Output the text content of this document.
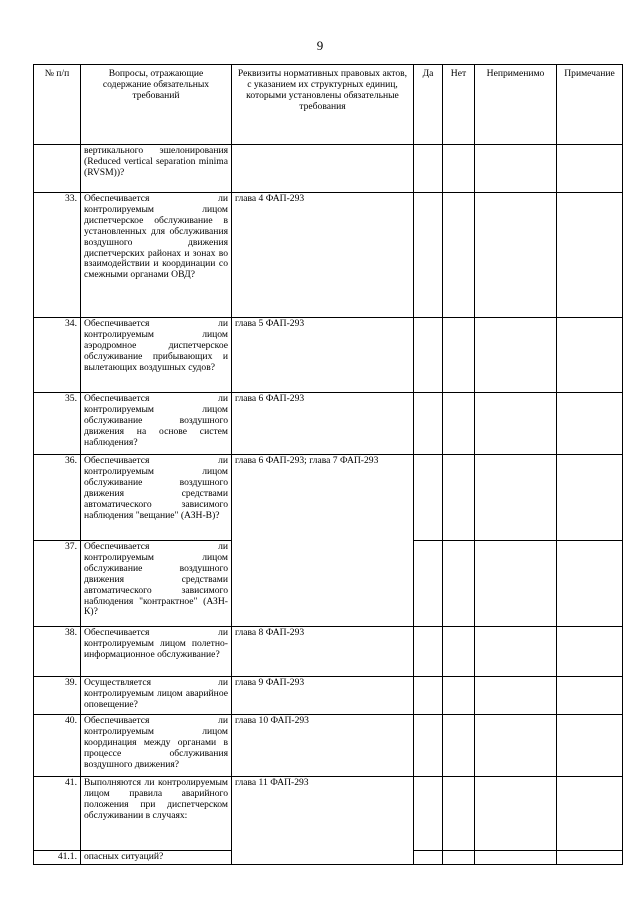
9
№ п/п	Вопросы, отражающие содержание обязательных требований	Реквизиты нормативных правовых актов, с указанием их структурных единиц, которыми установлены обязательные требования	Да	Нет	Неприменимо	Примечание
	вертикального эшелонирования (Reduced vertical separation minima (RVSM))?					
33.	Обеспечивается ли контролируемым лицом диспетчерское обслуживание в установленных для обслуживания воздушного движения диспетчерских районах и зонах во взаимодействии и координации со смежными органами ОВД?	глава 4 ФАП-293				
34.	Обеспечивается ли контролируемым лицом аэродромное диспетчерское обслуживание прибывающих и вылетающих воздушных судов?	глава 5 ФАП-293				
35.	Обеспечивается ли контролируемым лицом обслуживание воздушного движения на основе систем наблюдения?	глава 6 ФАП-293				
36.	Обеспечивается ли контролируемым лицом обслуживание воздушного движения средствами автоматического зависимого наблюдения "вещание" (АЗН-В)?	глава 6 ФАП-293; глава 7 ФАП-293				
37.	Обеспечивается ли контролируемым лицом обслуживание воздушного движения средствами автоматического зависимого наблюдения "контрактное" (АЗН-К)?					
38.	Обеспечивается ли контролируемым лицом полетно-информационное обслуживание?	глава 8 ФАП-293				
39.	Осуществляется ли контролируемым лицом аварийное оповещение?	глава 9 ФАП-293				
40.	Обеспечивается ли контролируемым лицом координация между органами в процессе обслуживания воздушного движения?	глава 10 ФАП-293				
41.	Выполняются ли контролируемым лицом правила аварийного положения при диспетчерском обслуживании в случаях:	глава 11 ФАП-293				
41.1.	опасных ситуаций?					
